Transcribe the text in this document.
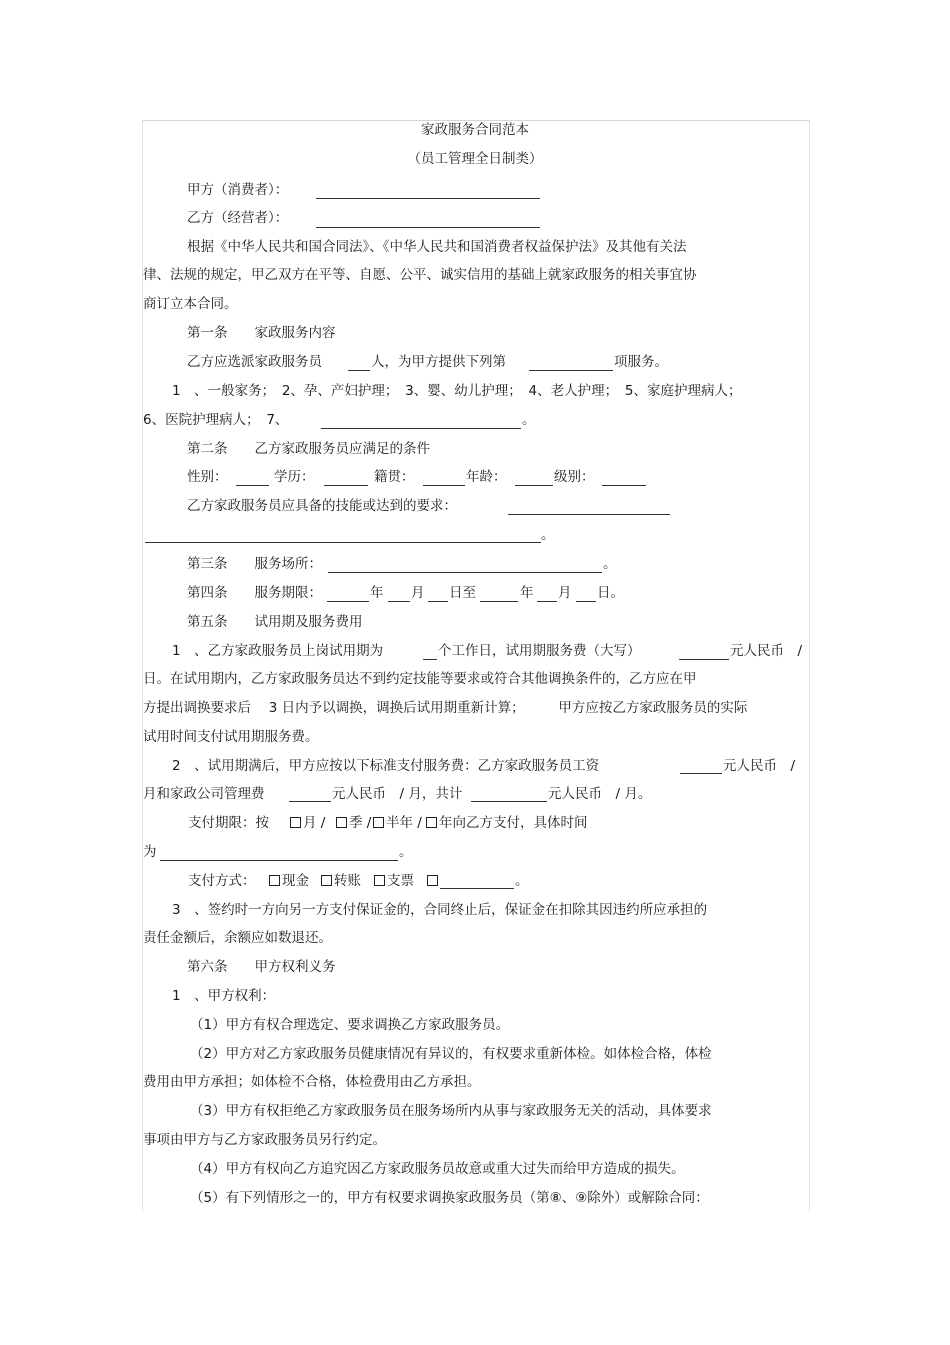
家政服务合同范本
（员工管理全日制类）
甲方（消费者）：
乙方（经营者）：
根据《中华人民共和国合同法》、《中华人民共和国消费者权益保护法》及其他有关法
律、法规的规定，甲乙双方在平等、自愿、公平、诚实信用的基础上就家政服务的相关事宜协
商订立本合同。
第一条　　家政服务内容
乙方应选派家政服务员	人，为甲方提供下列第	项服务。
1　、一般家务；　2、孕、产妇护理；　3、婴、幼儿护理；　4、老人护理；　5、家庭护理病人；
6、医院护理病人；　7、	。
第二条　　乙方家政服务员应满足的条件
性别：	学历：	籍贯：	年龄：	级别：
乙方家政服务员应具备的技能或达到的要求：
。
第三条　　服务场所：	。
第四条　　服务期限：	年 月 日至	年 月 日。
第五条　　试用期及服务费用
1　、乙方家政服务员上岗试用期为	个工作日，试用期服务费（大写）	元人民币　/
日。在试用期内，乙方家政服务员达不到约定技能等要求或符合其他调换条件的，乙方应在甲
方提出调换要求后　 3 日内予以调换，调换后试用期重新计算；　　　甲方应按乙方家政服务员的实际
试用时间支付试用期服务费。
2　、试用期满后，甲方应按以下标准支付服务费：乙方家政服务员工资	元人民币　/
月和家政公司管理费	元人民币　/ 月，共计	元人民币　/ 月。
支付期限：按	月 /	季 /	半年 /	年向乙方支付，具体时间
为	。
支付方式：	现金	转账	支票	。
3　、签约时一方向另一方支付保证金的，合同终止后，保证金在扣除其因违约所应承担的
责任金额后，余额应如数退还。
第六条　　甲方权利义务
1　、甲方权利：
（1）甲方有权合理选定、要求调换乙方家政服务员。
（2）甲方对乙方家政服务员健康情况有异议的，有权要求重新体检。如体检合格，体检
费用由甲方承担；如体检不合格，体检费用由乙方承担。
（3）甲方有权拒绝乙方家政服务员在服务场所内从事与家政服务无关的活动，具体要求
事项由甲方与乙方家政服务员另行约定。
（4）甲方有权向乙方追究因乙方家政服务员故意或重大过失而给甲方造成的损失。
（5）有下列情形之一的，甲方有权要求调换家政服务员（第⑧、⑨除外）或解除合同：
